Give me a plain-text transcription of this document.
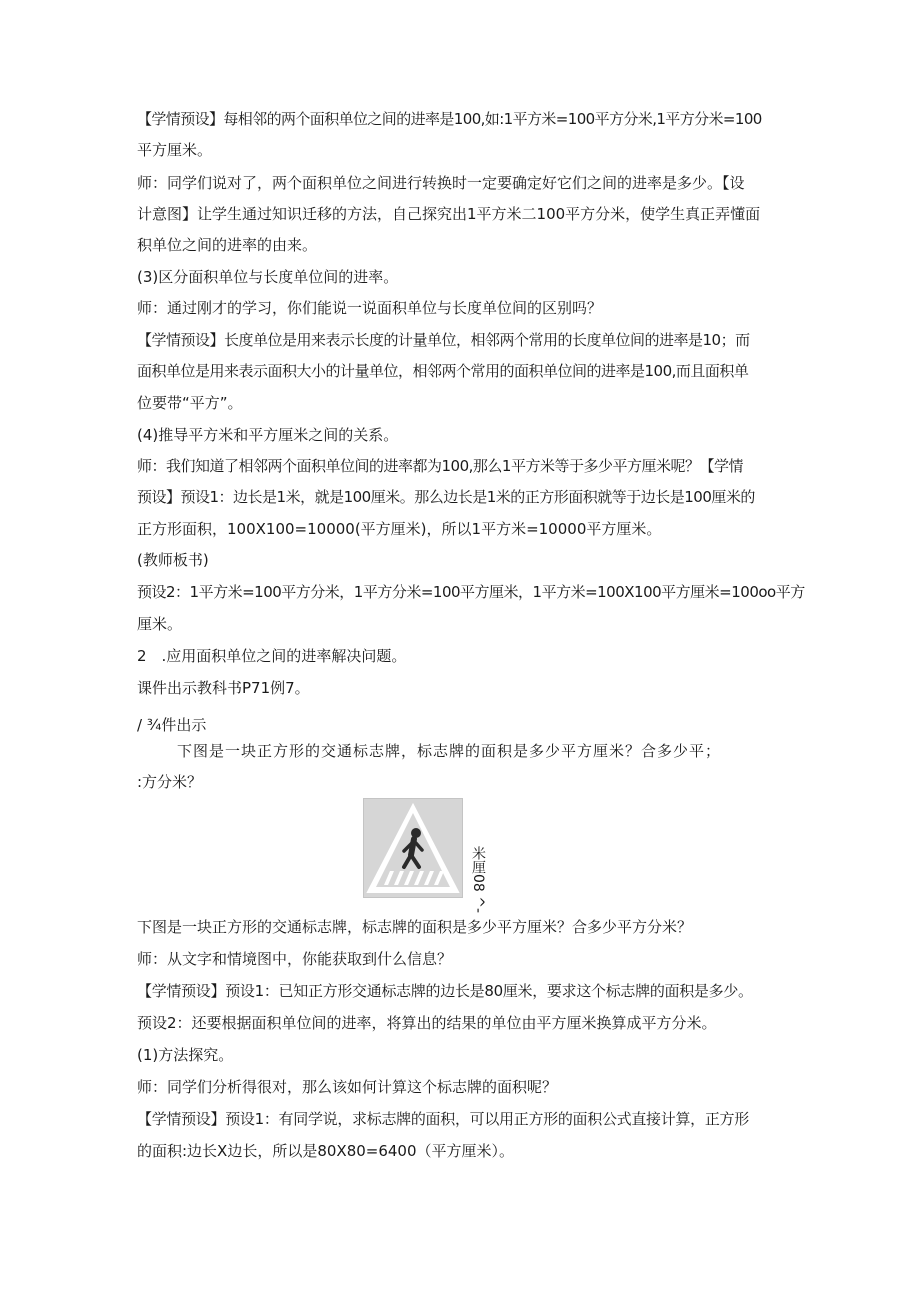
【学情预设】每相邻的两个面积单位之间的进率是100,如:1平方米=100平方分米,1平方分米=100

平方厘米。

师：同学们说对了，两个面积单位之间进行转换时一定要确定好它们之间的进率是多少。【设

计意图】让学生通过知识迁移的方法，自己探究出1平方米二100平方分米，使学生真正弄懂面

积单位之间的进率的由来。

(3)区分面积单位与长度单位间的进率。

师：通过刚才的学习，你们能说一说面积单位与长度单位间的区别吗？

【学情预设】长度单位是用来表示长度的计量单位，相邻两个常用的长度单位间的进率是10；而

面积单位是用来表示面积大小的计量单位，相邻两个常用的面积单位间的进率是100,而且面积单

位要带“平方”。

(4)推导平方米和平方厘米之间的关系。

师：我们知道了相邻两个面积单位间的进率都为100,那么1平方米等于多少平方厘米呢？【学情

预设】预设1：边长是1米，就是100厘米。那么边长是1米的正方形面积就等于边长是100厘米的

正方形面积，100X100=10000(平方厘米)，所以1平方米=10000平方厘米。

(教师板书)

预设2：1平方米=100平方分米，1平方分米=100平方厘米，1平方米=100X100平方厘米=100oo平方

厘米。

2　.应用面积单位之间的进率解决问题。

课件出示教科书P71例7。

/ ¾件出示

下图是一块正方形的交通标志牌，标志牌的面积是多少平方厘米？合多少平；

:方分米？

米厘08 ^-

下图是一块正方形的交通标志牌，标志牌的面积是多少平方厘米？合多少平方分米？

师：从文字和情境图中，你能获取到什么信息？

【学情预设】预设1：已知正方形交通标志牌的边长是80厘米，要求这个标志牌的面积是多少。

预设2：还要根据面积单位间的进率，将算出的结果的单位由平方厘米换算成平方分米。

(1)方法探究。

师：同学们分析得很对，那么该如何计算这个标志牌的面积呢？

【学情预设】预设1：有同学说，求标志牌的面积，可以用正方形的面积公式直接计算，正方形

的面积:边长X边长，所以是80X80=6400（平方厘米）。
